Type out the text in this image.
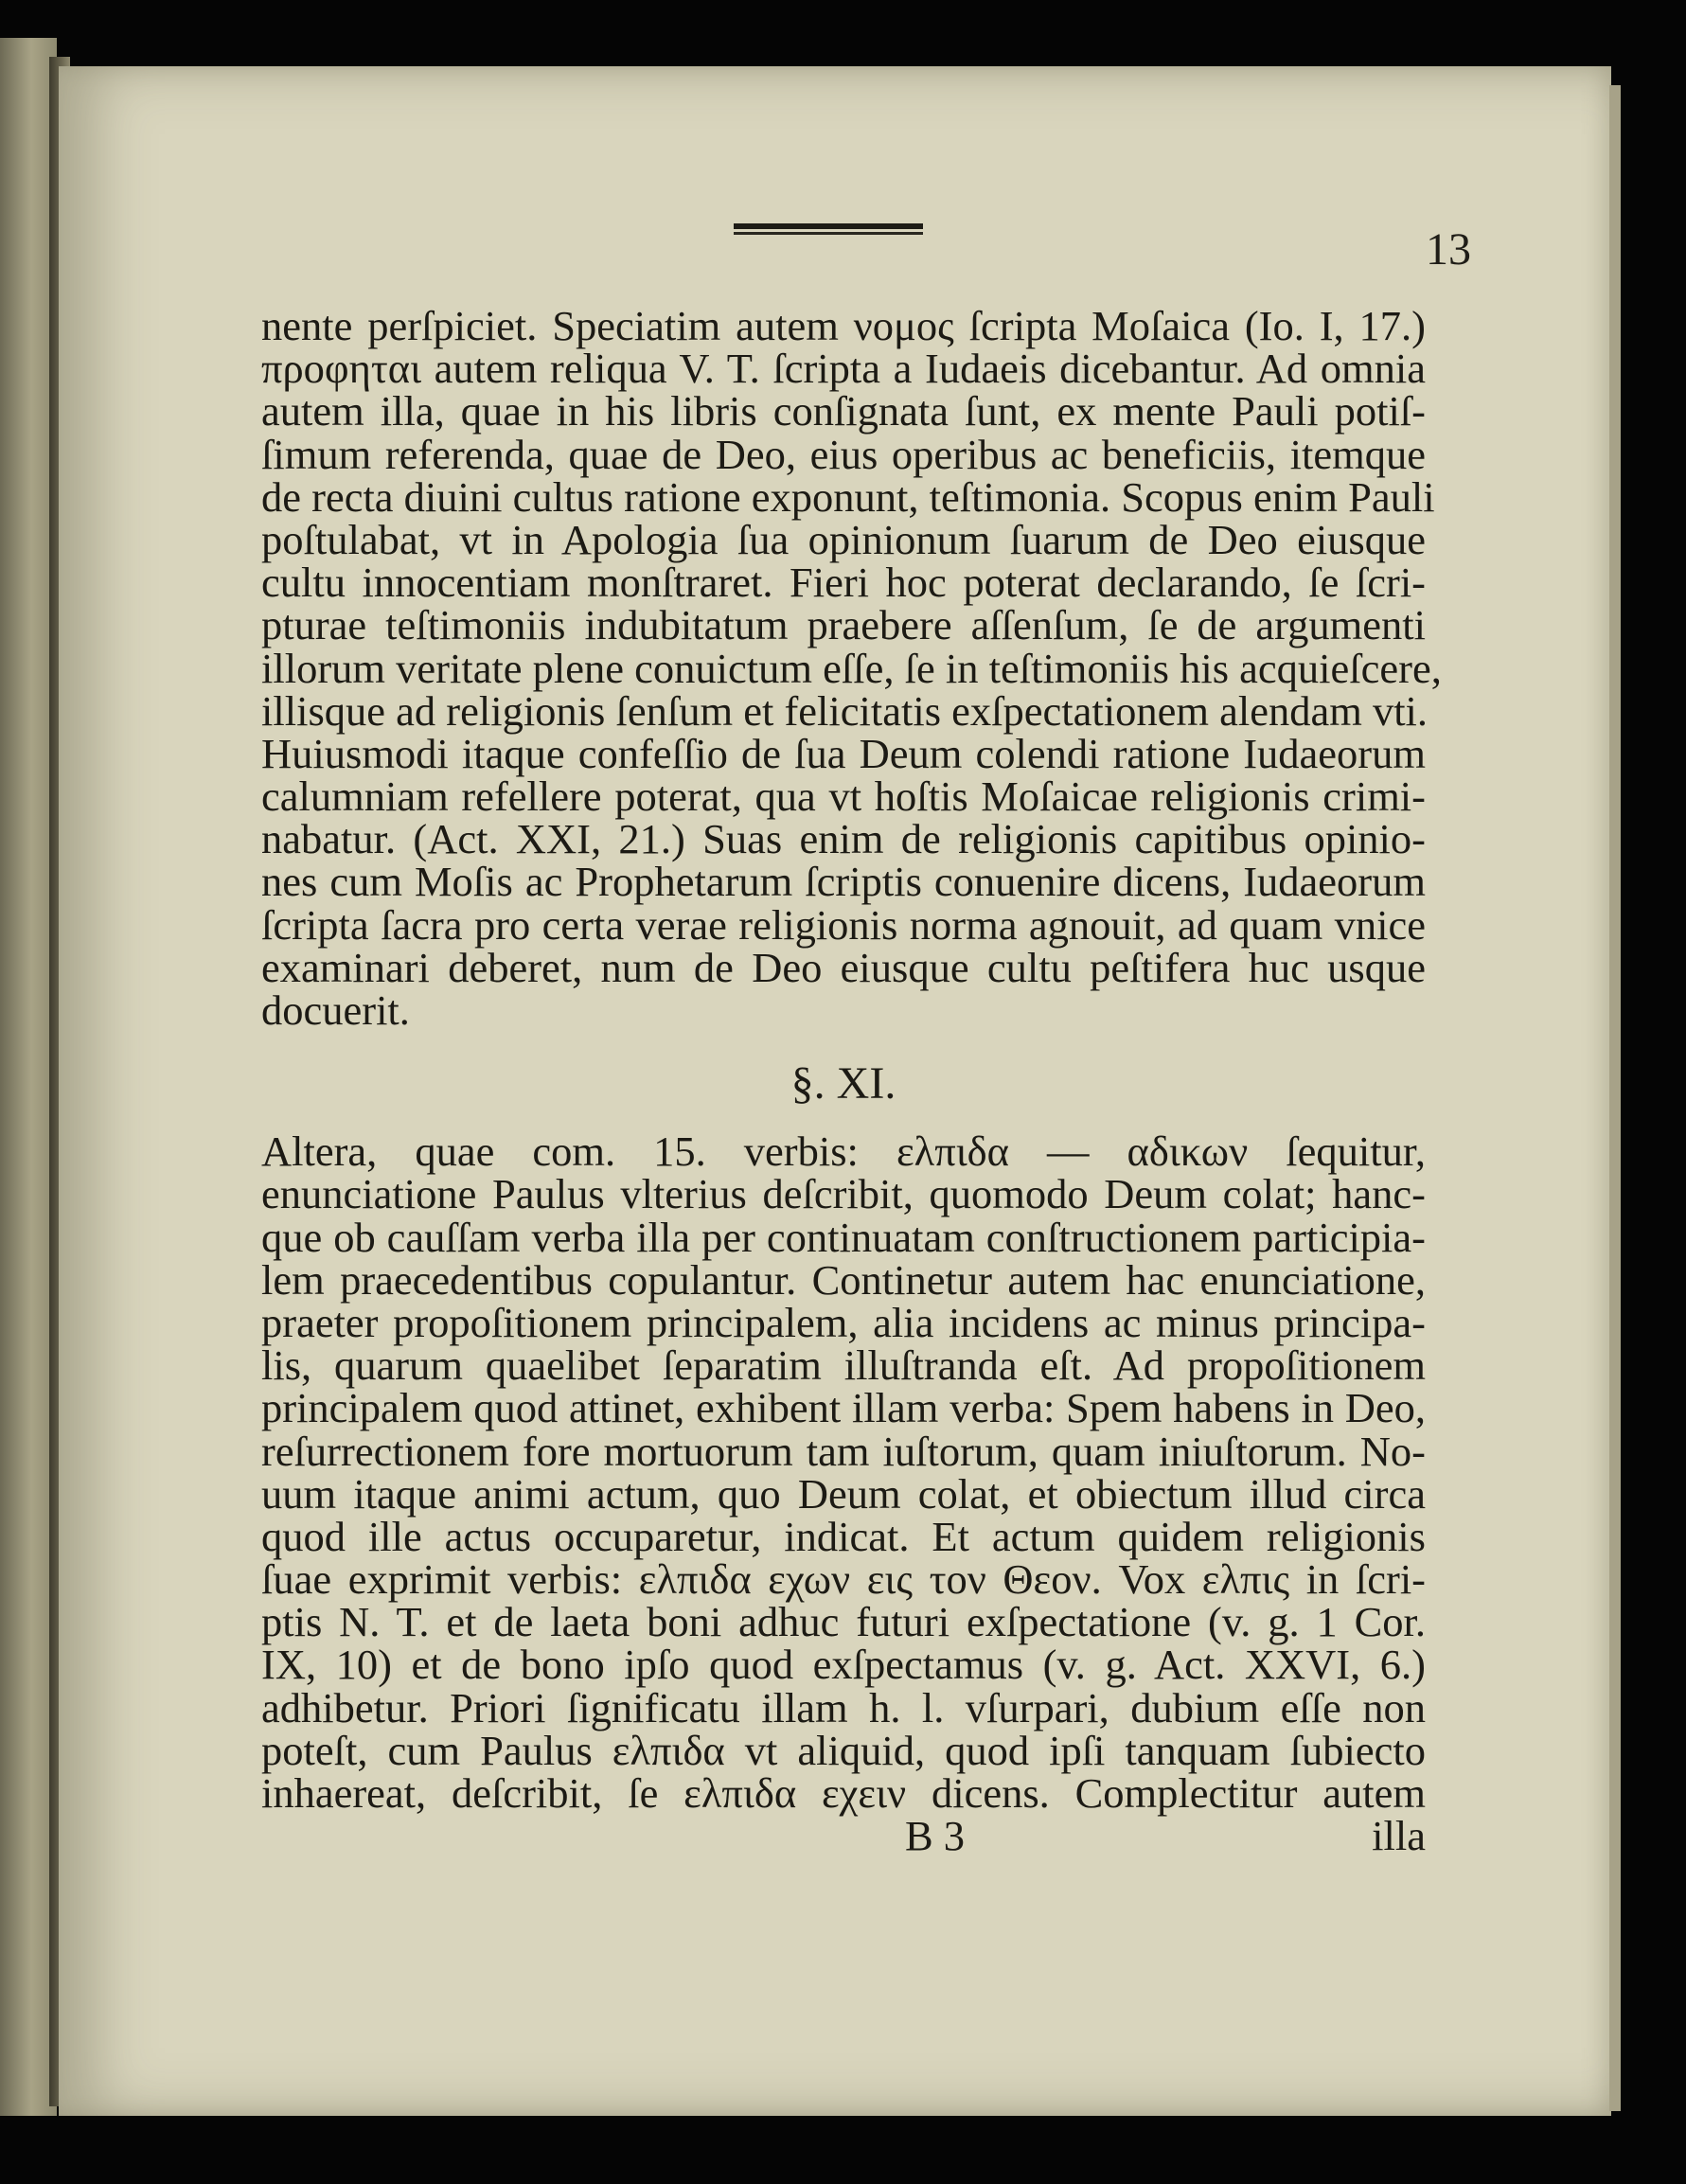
13
nente perſpiciet. Speciatim autem νομος ſcripta Moſaica (Io. I, 17.)
προφηται autem reliqua V. T. ſcripta a Iudaeis dicebantur. Ad omnia
autem illa, quae in his libris conſignata ſunt, ex mente Pauli potiſ-
ſimum referenda, quae de Deo, eius operibus ac beneficiis, itemque
de recta diuini cultus ratione exponunt, teſtimonia. Scopus enim Pauli
poſtulabat, vt in Apologia ſua opinionum ſuarum de Deo eiusque
cultu innocentiam monſtraret. Fieri hoc poterat declarando, ſe ſcri-
pturae teſtimoniis indubitatum praebere aſſenſum, ſe de argumenti
illorum veritate plene conuictum eſſe, ſe in teſtimoniis his acquieſcere,
illisque ad religionis ſenſum et felicitatis exſpectationem alendam vti.
Huiusmodi itaque confeſſio de ſua Deum colendi ratione Iudaeorum
calumniam refellere poterat, qua vt hoſtis Moſaicae religionis crimi-
nabatur. (Act. XXI, 21.) Suas enim de religionis capitibus opinio-
nes cum Moſis ac Prophetarum ſcriptis conuenire dicens, Iudaeorum
ſcripta ſacra pro certa verae religionis norma agnouit, ad quam vnice
examinari deberet, num de Deo eiusque cultu peſtifera huc usque
docuerit.
§. XI.
Altera, quae com. 15. verbis: ελπιδα — αδικων ſequitur,
enunciatione Paulus vlterius deſcribit, quomodo Deum colat; hanc-
que ob cauſſam verba illa per continuatam conſtructionem participia-
lem praecedentibus copulantur. Continetur autem hac enunciatione,
praeter propoſitionem principalem, alia incidens ac minus principa-
lis, quarum quaelibet ſeparatim illuſtranda eſt. Ad propoſitionem
principalem quod attinet, exhibent illam verba: Spem habens in Deo,
reſurrectionem fore mortuorum tam iuſtorum, quam iniuſtorum. No-
uum itaque animi actum, quo Deum colat, et obiectum illud circa
quod ille actus occuparetur, indicat. Et actum quidem religionis
ſuae exprimit verbis: ελπιδα εχων εις τον Θεον. Vox ελπις in ſcri-
ptis N. T. et de laeta boni adhuc futuri exſpectatione (v. g. 1 Cor.
IX, 10) et de bono ipſo quod exſpectamus (v. g. Act. XXVI, 6.)
adhibetur. Priori ſignificatu illam h. l. vſurpari, dubium eſſe non
poteſt, cum Paulus ελπιδα vt aliquid, quod ipſi tanquam ſubiecto
inhaereat, deſcribit, ſe ελπιδα εχειν dicens. Complectitur autem
B 3	illa
